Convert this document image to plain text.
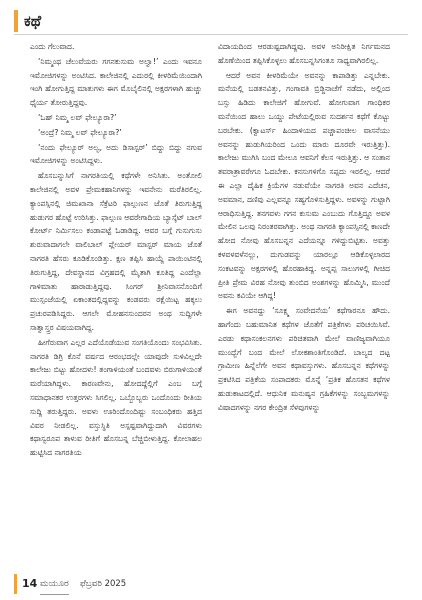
ಕಥೆ

ಎಂದು ಗೆಲುವಾದ.

‘ನಿಮ್ಮಂಥ ಚೆಲುವೆಯರು ಗಗನಕುಸುಮ ಅಲ್ವಾ!’ ಎಂದು ಇವನೂ ಇಮೋಜಿಗಳನ್ನು ಅಂಟಿಸಿದ. ಕಾಲೇಜಿನಲ್ಲಿ ಎದುರಲ್ಲಿ ಕೀಳರಿಮೆಯಿಂದಾಗಿ ಇಂಗಿ ಹೋಗುತ್ತಿದ್ದ ಮಾತುಗಳು ಈಗ ಮೊಬೈಲಿನಲ್ಲಿ ಅಕ್ಷರಗಳಾಗಿ ಹುಚ್ಚು ಧೈರ್ಯ ತೋರುತ್ತಿದ್ದವು.

‘ಓಹ್ ನಿಮ್ಮ ಲವ್ ಫೇಲ್ಯೂರಾ?’

‘ಅಂದ್ರೆ? ನಿಮ್ಮ ಲವ್ ಫೇಲ್ಯೂರಾ?’

‘ನಂದು ಫೇಲ್ಯೂರ್ ಅಲ್ವ, ಅದು ಡಿಸಾಸ್ಟರ್’ ಬಿದ್ದು ಬಿದ್ದು ನಗುವ ಇಮೋಜಿಗಳನ್ನು ಅಂಟಿಸಿದ್ದಳು.

ಹೊಸಬನ್ನುಸಿಗೆ ನಾಗರತಿಯಲ್ಲಿ ಕಥೆಗಳೇ ಅನಿಸಿತು. ಅಂತೋಲಿ ಕಾಲೇಜಿನಲ್ಲಿ ಅವಳ ಪ್ರೇಮಕಹಾನಿಗಳನ್ನು ಇವನೇನು ಮರೆತಿರಲಿಲ್ಲ. ಕ್ಯಾಂಪಸ್ಸಿನಲ್ಲಿ ಜಿಮಖಾನಾ ಸೆಕ್ರೆಟರಿ ಫಾಲ್ಗುಣನ ಜೊತೆ ತಿರುಗುತ್ತಿದ್ದ ಹುಡುಗರ ಹೊಟ್ಟೆ ಉರಿಸಿತ್ತು. ಫಾಲ್ಗುಣ ಆವರೇಗಾದಿಯ ಬ್ಯಾಸ್ಕೆಟ್ ಬಾಲ್ ಕೋರ್ಟ್ ನಿರ್ಮಿಸಲು ಕಂಡಾಪಟ್ಟೆ ಓಡಾಡಿದ್ದ. ಆವರ ಬಗ್ಗೆ ಗುಸುಗುಸು ಶುರುವಾದಾಗಲೇ ವಾಲಿಬಾಲ್ ಪ್ಲೇಯರ್ ಮಾಸ್ಟರ್ ಮಾಯ ಜೊತೆ ನಾಗರತಿ ಹೆಸರು ಕೂಡಿಕೊಂಡಿತ್ತು. ಕ್ಷಣ ತಪ್ಪಿಸಿ ಹಾಯ್ದೆ ಪಾಯಿಂಟಿನಲ್ಲಿ ತಿರುಗುತ್ತಿದ್ದ, ದೇವಸ್ಥಾನದ ವಿಗ್ರಹದಲ್ಲಿ ಮೈತಾಗಿ ಕೂತಿದ್ದ ಎಂದೆಲ್ಲಾ ಗಾಳಿಮಾತು ಹಾರಾಡುತ್ತಿದ್ದವು. ಸಿಂಗರ್ ಶ್ರೀನಿವಾಸನೊಂದಿಗೆ ಮುಸ್ಸಂಜೆಯಲ್ಲಿ ಏಕಾಂತದಲ್ಲಿದ್ದವನ್ನು ಕಂಡವರು ರಕ್ಷೆಯಿಟ್ಟ ಹಕ್ಕಲು ಪ್ರಚುರಪಡಿಸಿದ್ದರು. ಆಗಲೇ ಮೋಹನಸುಂದರನ ಅಂಥ ಸುದ್ದಿಗಳೇ ಸಾತ್ವಾಸ್ತ್ರರ ವಿಷಯವಾಗಿದ್ದ.

ಹೀಗೆರುವಾಗ ಎಲ್ಲರ ಎದೆಯೊಡೆಯುವ ಸಂಗತಿಯೊಂದು ಸಂಭವಿಸಿತು. ನಾಗರತಿ ಡಿಗ್ರಿ ಕೊನೆ ವರ್ಷದ ಆರಂಭದಲ್ಲೇ ಯಾವುದೇ ಸುಳಿವಿಲ್ಲದೇ ಕಾಲೇಜು ಬಿಟ್ಟು ಹೋದಳು! ತಂಗಾಳಿಯಂತೆ ಬಂದವಳು ಬಿರುಗಾಳಿಯಂತೆ ಮರೆಯಾಗಿದ್ದಳು. ಕಾರಣವೇನು, ಹೋದದ್ದೆಲ್ಲಿಗೆ ಎಂಬ ಬಗ್ಗೆ ಸಮಾಧಾನಕರ ಉತ್ತರಗಳು ಸಿಗಲಿಲ್ಲ. ಒಬ್ಬೊಬ್ಬರು ಒಂದೊಂದು ರೀತಿಯ ಸುದ್ದಿ ತರುತ್ತಿದ್ದರು. ಅವಳು ಊರಿಂದೊಂದಿಷ್ಟು ಸಂಬಂಧಿಕರು ಹತ್ತಿದ ವಿವರ ನೀಡಲಿಲ್ಲ. ವಸ್ತುಸ್ಥಿತಿ ಅಸ್ಪಷ್ಟವಾಗಿದ್ದುದಾಗಿ ವಿವರಗಳು ಕಥಾಸ್ವರೂಪ ತಾಳುವ ರೀತಿಗೆ ಹೊಸಬನ್ನ ಬೆಚ್ಚಿಬೀಳುತ್ತಿದ್ದ. ಕೋಲಾಹಲ ಹುಟ್ಟಿಸಿದ ನಾಗರತಿಯ

ವಿದಾಯದಿಂದ ಆರಡುಷ್ಟದಾಗಿದ್ದವು. ಅವಳ ಅನಿರೀಕ್ಷಿತ ನಿರ್ಗಮನದ ಹೊಣೆಯಿಂದ ತಪ್ಪಿಸಿಕೊಳ್ಳಲು ಹೊಸಬನ್ನಸಿಗಂತೂ ಸಾಧ್ಯವಾಗಿರಲಿಲ್ಲ.

ಆದರೆ ಅವನ ಕೀಳರಿಮೆಯೇ ಅವನನ್ನು ಕಾಪಾಡಿತ್ತು ಎನ್ನಬೇಕು. ಮನೆಯಲ್ಲಿ ಬಡತನವಿತ್ತು, ಗಂಗಾವತಿ ಬ್ರಿಡ್ಜಿನಾಚೆಗೆ ನಡೆದು, ಅಲ್ಲಿಂದ ಬಸ್ಸು ಹಿಡಿದು ಕಾಲೇಜಿಗೆ ಹೋಗುವೆ. ಹೋಗುವಾಗ ಗಾಂಧಿಕರ ಮನೆಯಿಂದ ಹಾಲು ಒಯ್ದು ಪೇಟೆಯಲ್ಲಿರುವ ಸುದರ್ಶನ ಕಥೆಗೆ ಕೊಟ್ಟು ಬರಬೇಕು. (ಕ್ವಾಟರ್ಸ್ ಹಿಂದಾಳಿಯದ ಪಚ್ಚಾಪಂಚೀಲ ವಾಸನೆಯು ಅವನನ್ನು ಹುಡುಗಿಯರಿಂದ ಒಂದು ಮಾರು ದೂರವೇ ಇರುತ್ತಿತ್ತು). ಕಾಲೇಜು ಮುಗಿಸಿ ಬಂದ ಮೇಲೂ ಆವನಿಗೆ ಕೆಲಸ ಇರುತ್ತಿತ್ತು. ಆ ಸಂತಾನ ತವರಾತ್ರಾವರೇಗೂ ಓದಬೇಕು. ಕನಸುಗಳಿಗೊ ಸಪ್ಪದು ಇರಲಿಲ್ಲ. ಆದರೆ ಈ ಎಲ್ಲಾ ದೈಹಿಕ ಕ್ರಿಯೆಗಳ ನಡುವೆಯೇ ನಾಗರತಿ ಅವನ ಎದೆಚನ, ಅವಮಾನ, ದಣಿವು ಎಲ್ಲವನ್ನೂ ಸಹ್ಯಗೊಳಿಸುತ್ತಿದ್ದಳು. ಅವಳನ್ನು ಗುಟ್ಟಾಗಿ ಆರಾಧಿಸುತ್ತಿದ್ದ. ತನಗವಳು ಗಗನ ಕುಸುಮ ಎಂಬುದು ಗೊತ್ತಿದ್ದೂ ಅವಳ ಮೇಲಿನ ಒಲವು ನಿರಂತರವಾಗಿತ್ತು. ಅಂಥ ನಾಗರತಿ ಕ್ಯಾಂಪಸ್ಸಿನಲ್ಲಿ ಕಾಣದೇ ಹೋದ ನೋವು ಹೊಸಬನ್ನನ ಎದೆಯನ್ನೂ ಗಳಿದ್ದುಬಿಟ್ಟಿತು. ಅವತ್ತು ಕಳವಳವಳೆನಲ್ಲು, ದುಗುಡವನ್ನು ಯಾರಲ್ಲೂ ಆಡಿಕೊಳ್ಳಲಾರದ ಸಂಕಟವನ್ನು ಅಕ್ಷರಗಳಲ್ಲಿ ಹೊರಹಾಕಿದ್ದ. ಅನ್ನಪ್ಪ ಸಾಲುಗಳಲ್ಲಿ ಗೀಚಿದ ಪ್ರೀತಿ ಪ್ರೇಮ ವಿರಹ ನೋವು ತುಂಬಿದ ಅಂಶಗಳನ್ನು ಹೊಮ್ಮಿಸಿ, ಮುಂದೆ ಅವನು ಕವಿಯೇ ಆಗಿದ್ದ!

ಈಗ ಅವನದ್ದು ‘ಸೂಕ್ಷ್ಮ ಸಂವೇದನೆಯ’ ಕಥೆಗಾರನೂ ಹೌದು. ಹಾಗೆಂದು ಬಹುಮಾನಿತ ಕಥೆಗಳ ಜೊತೆಗೆ ಪತ್ರಿಕೆಗಳು ಪರಿಚಯಿಸಿವೆ. ಎರಡು ಕಥಾಸಂಕಲನಗಳು ಪರಿಚಿತವಾಗಿ ಮೇಲೆ ವಾಣಿಜ್ಯವಾಗಿಯೂ ಮುಂದ್ಬೆಗೆ ಬಂದ ಮೇಲೆ ಲೋಕಶಾಂತಿಗೊಂಡಿದೆ. ಬಾಲ್ಯದ ದಟ್ಟ ಗ್ರಾಮೀಣ ಹಿನ್ನೆಲೆಗೇ ಅವನ ಕಥಾವಸ್ತುಗಳು. ಹೊಸಬನ್ನನ ಕಥೆಗಳನ್ನು ಪ್ರಕಟಿಸಿದ ಪತ್ರಿಕೆಯ ಸಂಪಾದಕರು ಮೊನ್ನೆ ‘ಪ್ರತಿಕ ಹೊಸತನ ಕಥೆಗಳ ಹುಡುಕಾಟದಲ್ಲಿದೆ. ಆಧುನಿಕ ಮನುಷ್ಯನ ಗ್ರಹಿಕೆಗಳನ್ನು ಸಂಬ್ಬಮಗಳನ್ನು ವಿಷಾದಗಳನ್ನು ನಗರ ಕೇಂದ್ರಿತ ಸೆಳವುಗಳನ್ನು

14 ಮಯೂರ ಫೆಬ್ರವರಿ 2025
